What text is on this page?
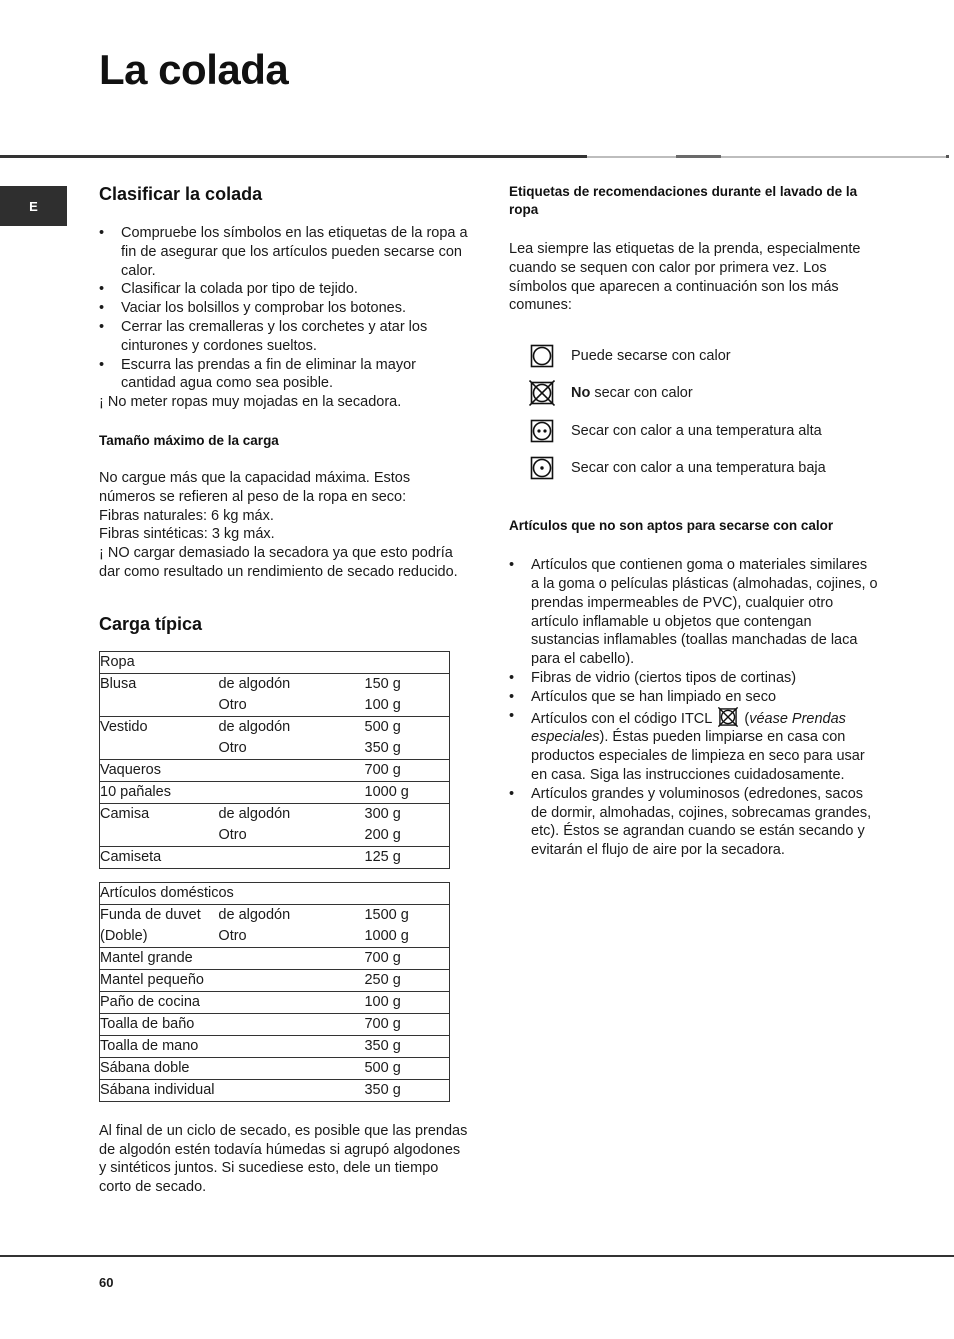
La colada
E
Clasificar la colada
• Compruebe los símbolos en las etiquetas de la ropa a fin de asegurar que los artículos pueden secarse con calor.
• Clasificar la colada por tipo de tejido.
• Vaciar los bolsillos y comprobar los botones.
• Cerrar las cremalleras y los corchetes y atar los cinturones y cordones sueltos.
• Escurra las prendas a fin de eliminar la mayor cantidad agua como sea posible.

¡ No meter ropas muy mojadas en la secadora.

Tamaño máximo de la carga

No cargue más que la capacidad máxima. Estos números se refieren al peso de la ropa en seco:

Fibras naturales: 6 kg máx.

Fibras sintéticas: 3 kg máx.

¡ NO cargar demasiado la secadora ya que esto podría dar como resultado un rendimiento de secado reducido.

Carga típica
Ropa		
Blusa	de algodón	150 g
	Otro	100 g
Vestido	de algodón	500 g
	Otro	350 g
Vaqueros		700 g
10 pañales		1000 g
Camisa	de algodón	300 g
	Otro	200 g
Camiseta		125 g
Artículos domésticos		
Funda de duvet	de algodón	1500 g
(Doble)	Otro	1000 g
Mantel grande		700 g
Mantel pequeño		250 g
Paño de cocina		100 g
Toalla de baño		700 g
Toalla de mano		350 g
Sábana doble		500 g
Sábana individual		350 g

Al final de un ciclo de secado, es posible que las prendas de algodón estén todavía húmedas si agrupó algodones y sintéticos juntos. Si sucediese esto, dele un tiempo corto de secado.

Etiquetas de recomendaciones durante el lavado de la ropa

Lea siempre las etiquetas de la prenda, especialmente cuando se sequen con calor por primera vez. Los símbolos que aparecen a continuación son los más comunes:

Puede secarse con calor
No secar con calor
Secar con calor a una temperatura alta
Secar con calor a una temperatura baja
Artículos que no son aptos para secarse con calor
• Artículos que contienen goma o materiales similares a la goma o películas plásticas (almohadas, cojines, o prendas impermeables de PVC), cualquier otro artículo inflamable u objetos que contengan sustancias inflamables (toallas manchadas de laca para el cabello).
• Fibras de vidrio (ciertos tipos de cortinas)
• Artículos que se han limpiado en seco
• Artículos con el código ITCL (véase Prendas especiales). Éstas pueden limpiarse en casa con productos especiales de limpieza en seco para usar en casa. Siga las instrucciones cuidadosamente.
• Artículos grandes y voluminosos (edredones, sacos de dormir, almohadas, cojines, sobrecamas grandes, etc). Éstos se agrandan cuando se están secando y evitarán el flujo de aire por la secadora.
60
